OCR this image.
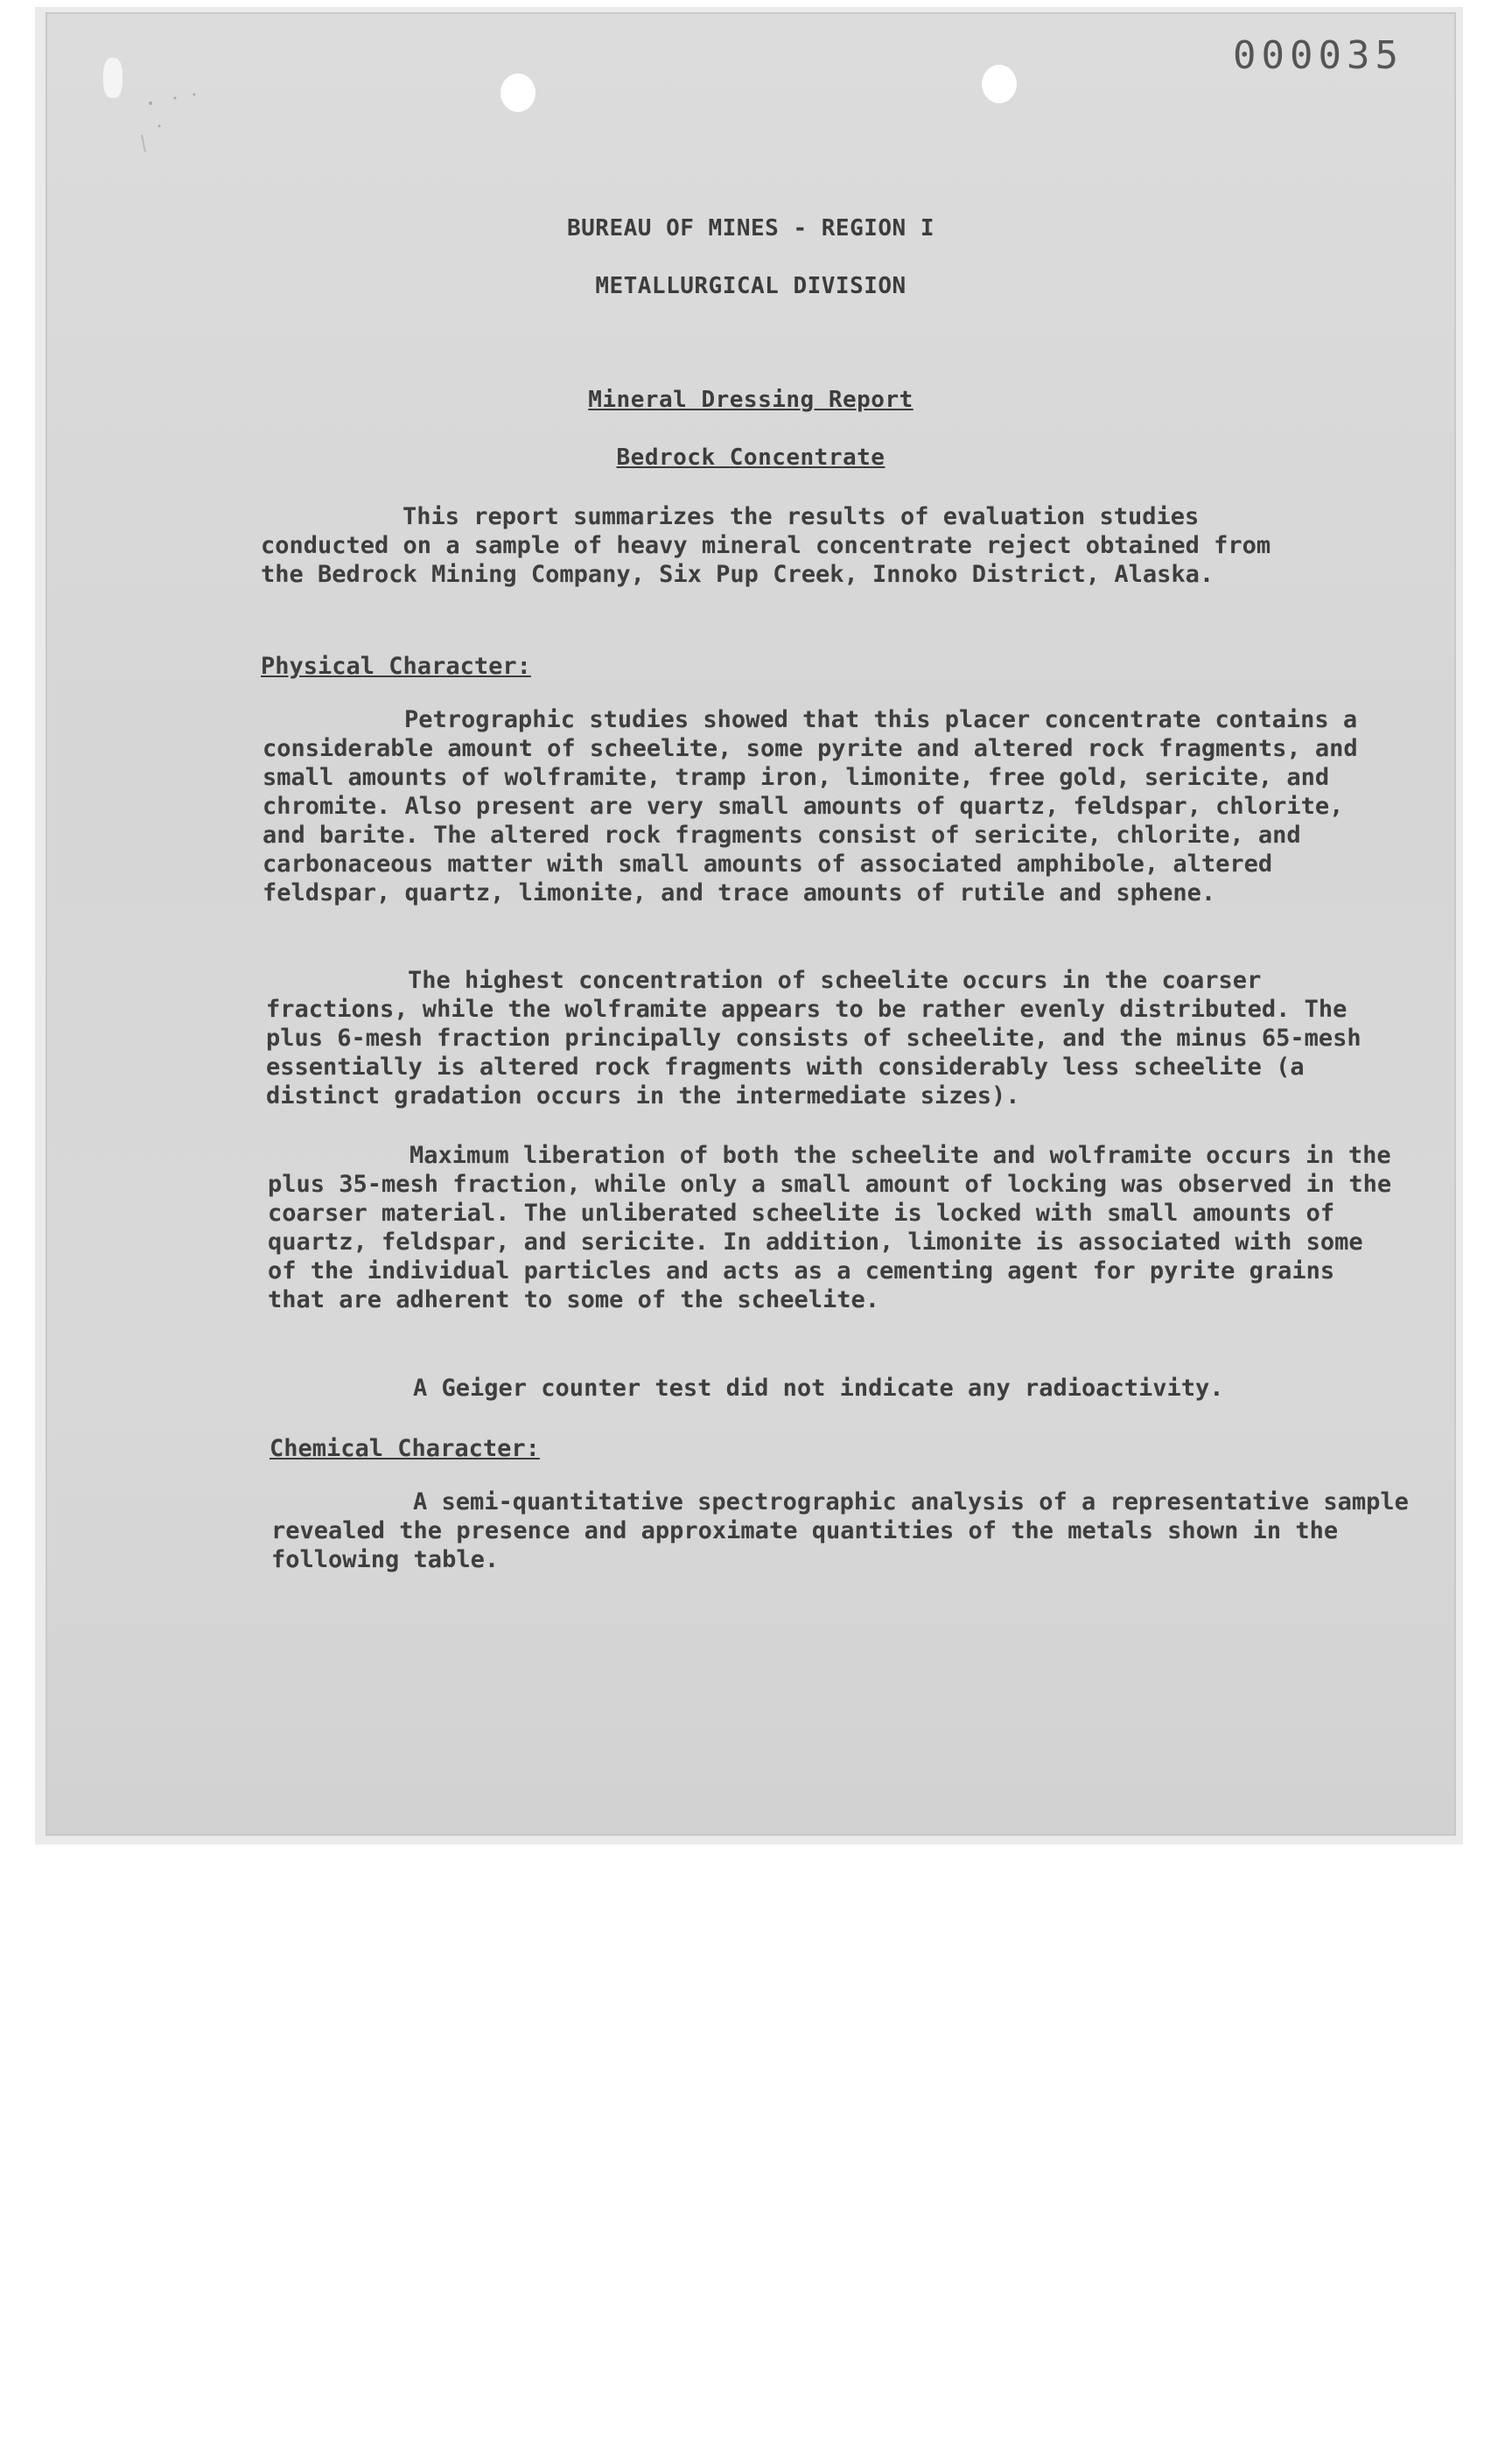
000035
BUREAU OF MINES - REGION I
METALLURGICAL DIVISION
Mineral Dressing Report
Bedrock Concentrate

This report summarizes the results of evaluation studies conducted on a sample of heavy mineral concentrate reject obtained from the Bedrock Mining Company, Six Pup Creek, Innoko District, Alaska.

Physical Character:

Petrographic studies showed that this placer concentrate contains a considerable amount of scheelite, some pyrite and altered rock fragments, and small amounts of wolframite, tramp iron, limonite, free gold, sericite, and chromite. Also present are very small amounts of quartz, feldspar, chlorite, and barite. The altered rock fragments consist of sericite, chlorite, and carbonaceous matter with small amounts of associated amphibole, altered feldspar, quartz, limonite, and trace amounts of rutile and sphene.

The highest concentration of scheelite occurs in the coarser fractions, while the wolframite appears to be rather evenly distributed. The plus 6-mesh fraction principally consists of scheelite, and the minus 65-mesh essentially is altered rock fragments with considerably less scheelite (a distinct gradation occurs in the intermediate sizes).

Maximum liberation of both the scheelite and wolframite occurs in the plus 35-mesh fraction, while only a small amount of locking was observed in the coarser material. The unliberated scheelite is locked with small amounts of quartz, feldspar, and sericite. In addition, limonite is associated with some of the individual particles and acts as a cementing agent for pyrite grains that are adherent to some of the scheelite.

A Geiger counter test did not indicate any radioactivity.

Chemical Character:

A semi-quantitative spectrographic analysis of a representative sample revealed the presence and approximate quantities of the metals shown in the following table.
